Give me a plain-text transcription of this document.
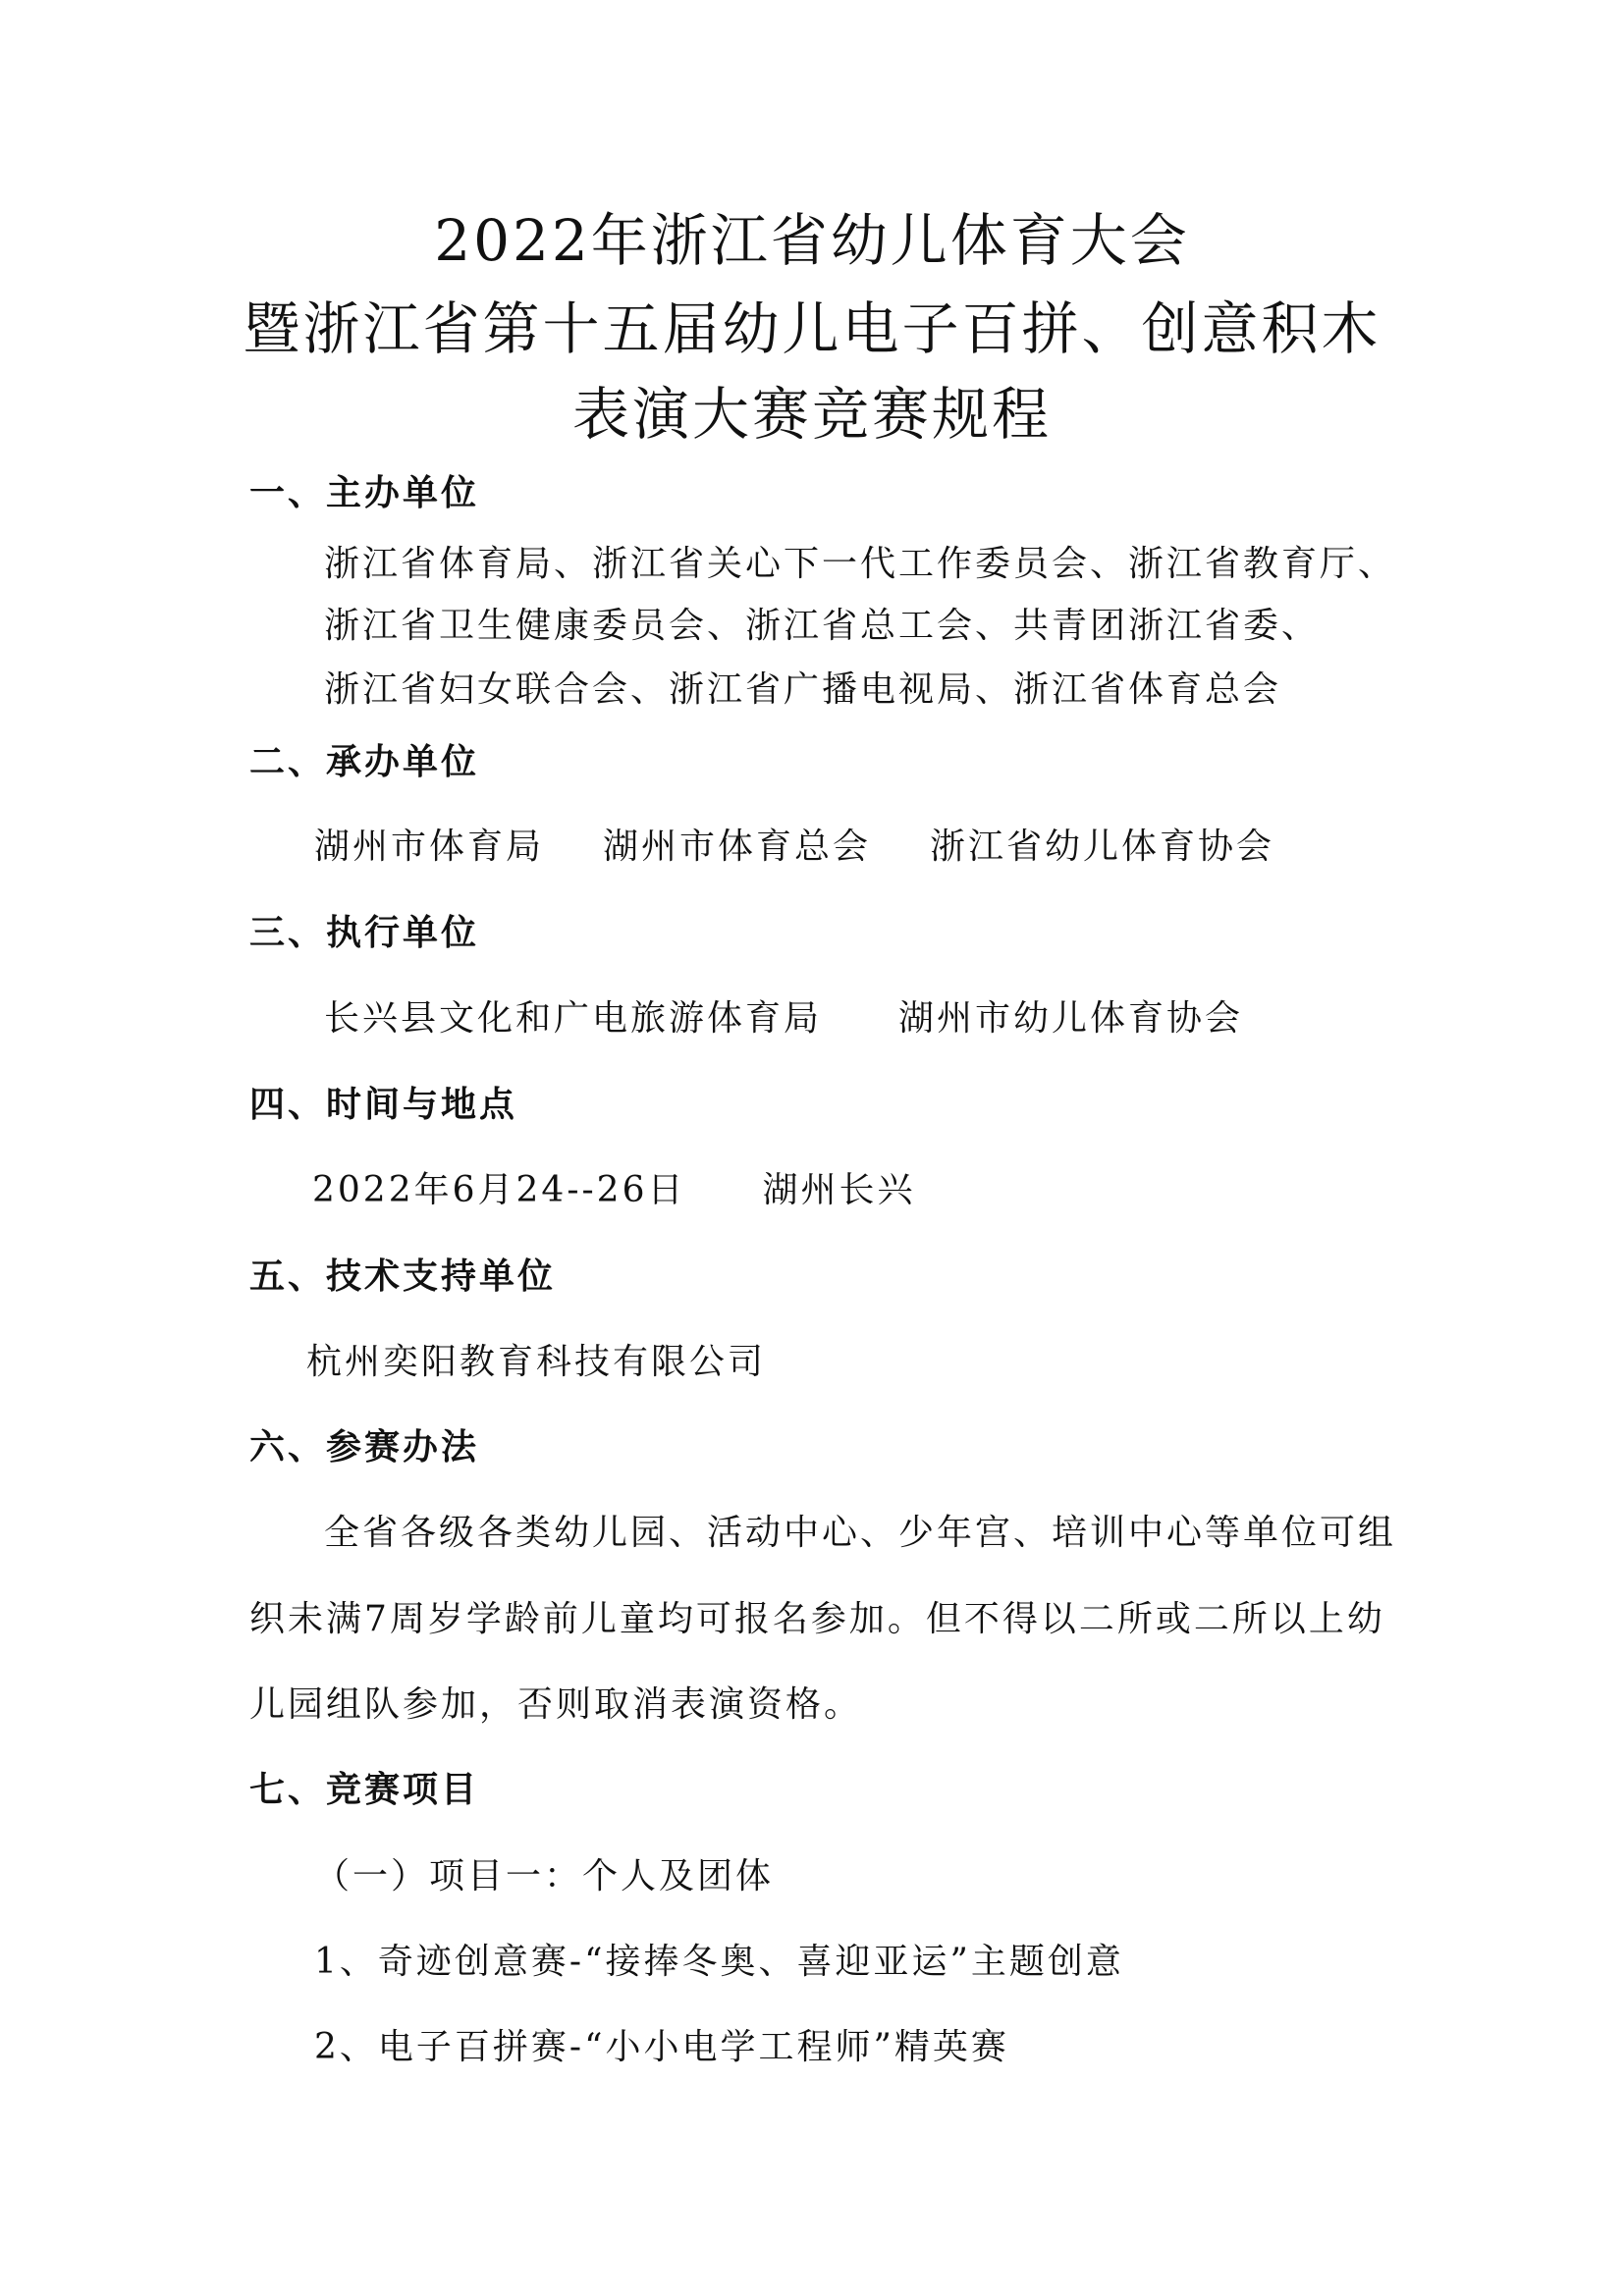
2022年浙江省幼儿体育大会
暨浙江省第十五届幼儿电子百拼、创意积木
表演大赛竞赛规程
一、主办单位
浙江省体育局、浙江省关心下一代工作委员会、浙江省教育厅、
浙江省卫生健康委员会、浙江省总工会、共青团浙江省委、
浙江省妇女联合会、浙江省广播电视局、浙江省体育总会
二、承办单位
湖州市体育局 湖州市体育总会 浙江省幼儿体育协会
三、执行单位
长兴县文化和广电旅游体育局 湖州市幼儿体育协会
四、时间与地点
2022年6月24--26日 湖州长兴
五、技术支持单位
杭州奕阳教育科技有限公司
六、参赛办法
全省各级各类幼儿园、活动中心、少年宫、培训中心等单位可组
织未满7周岁学龄前儿童均可报名参加。但不得以二所或二所以上幼
儿园组队参加，否则取消表演资格。
七、竞赛项目
（一）项目一：个人及团体
1、奇迹创意赛-“接捧冬奥、喜迎亚运”主题创意
2、电子百拼赛-“小小电学工程师”精英赛
